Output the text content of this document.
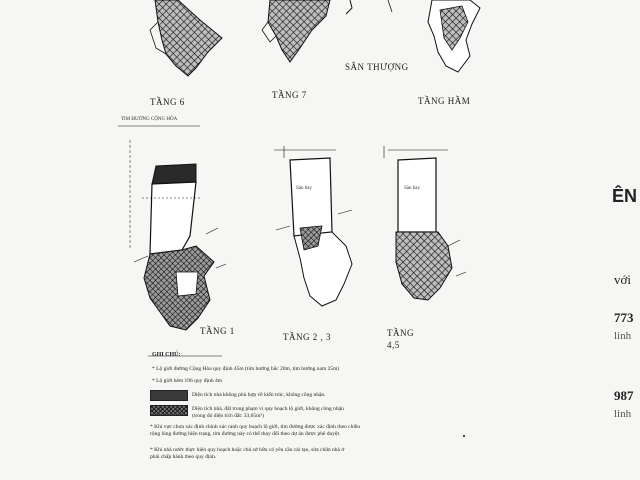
TẦNG 6
TẦNG 7
SÂN THƯỢNG
TẦNG HẦM
TẦNG 1
TẦNG 2 , 3	TẦNG
4,5
TIM ĐƯỜNG CỘNG HÒA
Sàn bay	Sàn bay
GHI CHÚ:
* Lộ giới đường Cộng Hòa quy định 45m (tim hướng bắc 20m, tim hướng nam 25m)
* Lộ giới hẻm 196 quy định 4m
Diện tích nhà không phù hợp về kiến trúc, không công nhận.
Diện tích nhà, đất trong phạm vi quy hoạch lộ giới, không công nhận
(trong đó diện tích đất: 33,65m²)
* Khi vực chưa xác định chính xác ranh quy hoạch lộ giới, tim đường được xác định theo chiều
rộng lòng đường hiện trạng, tim đường này có thể thay đổi theo dự án được phê duyệt.
* Khi nhà nước thực hiện quy hoạch hoặc chủ sở hữu có yêu cầu cải tạo, sửa chữa nhà ở
phải chấp hành theo quy định.
ÊN
với
773
linh
987
linh
